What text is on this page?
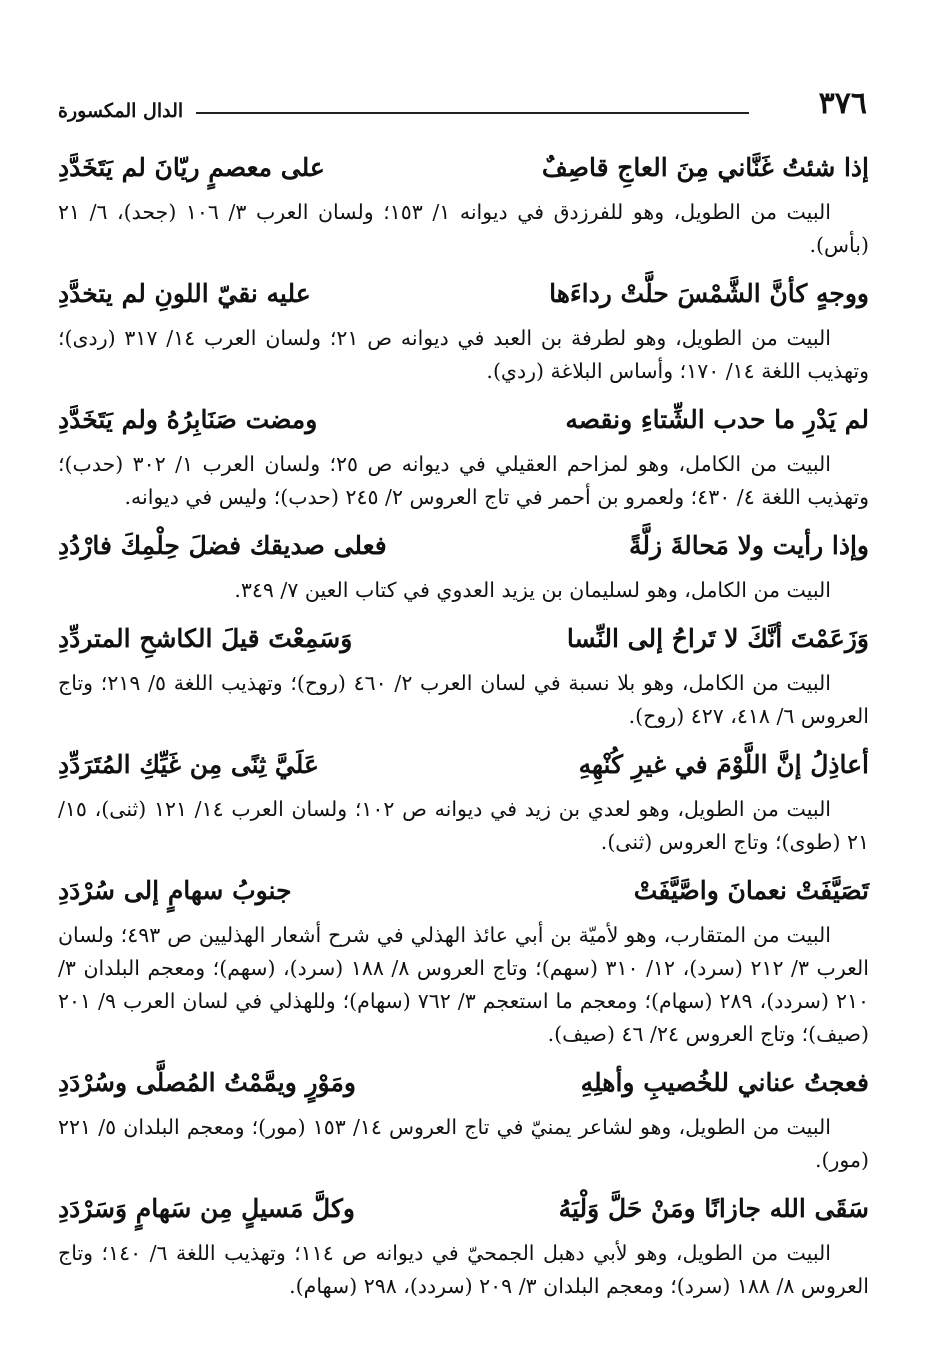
٣٧٦
الدال المكسورة
إذا شئتُ غَنَّاني مِنَ العاجِ قاصِفٌ
على معصمٍ ريّانَ لم يَتَخَدَّدِ

البيت من الطويل، وهو للفرزدق في ديوانه ١/ ١٥٣؛ ولسان العرب ٣/ ١٠٦ (جحد)، ٦/ ٢١ (بأس).

ووجهٍ كأنَّ الشَّمْسَ حلَّتْ رداءَها
عليه نقيّ اللونِ لم يتخدَّدِ

البيت من الطويل، وهو لطرفة بن العبد في ديوانه ص ٢١؛ ولسان العرب ١٤/ ٣١٧ (ردى)؛ وتهذيب اللغة ١٤/ ١٧٠؛ وأساس البلاغة (ردي).

لم يَدْرِ ما حدب الشِّتاءِ ونقصه
ومضت صَنَابِرُهُ ولم يَتَخَدَّدِ

البيت من الكامل، وهو لمزاحم العقيلي في ديوانه ص ٢٥؛ ولسان العرب ١/ ٣٠٢ (حدب)؛ وتهذيب اللغة ٤/ ٤٣٠؛ ولعمرو بن أحمر في تاج العروس ٢/ ٢٤٥ (حدب)؛ وليس في ديوانه.

وإذا رأيت ولا مَحالةَ زلَّةً
فعلى صديقك فضلَ حِلْمِكَ فارْدُدِ

البيت من الكامل، وهو لسليمان بن يزيد العدوي في كتاب العين ٧/ ٣٤٩.

وَزَعَمْتَ أنَّكَ لا تَراحُ إلى النِّسا
وَسَمِعْتَ قيلَ الكاشحِ المتردِّدِ

البيت من الكامل، وهو بلا نسبة في لسان العرب ٢/ ٤٦٠ (روح)؛ وتهذيب اللغة ٥/ ٢١٩؛ وتاج العروس ٦/ ٤١٨، ٤٢٧ (روح).

أعاذِلُ إنَّ اللَّوْمَ في غيرِ كُنْهِهِ
عَلَيَّ ثِنًى مِن غَيِّكِ المُتَرَدِّدِ

البيت من الطويل، وهو لعدي بن زيد في ديوانه ص ١٠٢؛ ولسان العرب ١٤/ ١٢١ (ثنى)، ١٥/ ٢١ (طوى)؛ وتاج العروس (ثنى).

تَصَيَّفَتْ نعمانَ واصَّيَّفَتْ
جنوبُ سهامٍ إلى سُرْدَدِ

البيت من المتقارب، وهو لأميّة بن أبي عائذ الهذلي في شرح أشعار الهذليين ص ٤٩٣؛ ولسان العرب ٣/ ٢١٢ (سرد)، ١٢/ ٣١٠ (سهم)؛ وتاج العروس ٨/ ١٨٨ (سرد)، (سهم)؛ ومعجم البلدان ٣/ ٢١٠ (سردد)، ٢٨٩ (سهام)؛ ومعجم ما استعجم ٣/ ٧٦٢ (سهام)؛ وللهذلي في لسان العرب ٩/ ٢٠١ (صيف)؛ وتاج العروس ٢٤/ ٤٦ (صيف).

فعجتُ عناني للخُصيبِ وأهلِهِ
ومَوْرٍ ويمَّمْتُ المُصلَّى وسُرْدَدِ

البيت من الطويل، وهو لشاعر يمنيّ في تاج العروس ١٤/ ١٥٣ (مور)؛ ومعجم البلدان ٥/ ٢٢١ (مور).

سَقَى الله جازانًا ومَنْ حَلَّ وَلْيَهُ
وكلَّ مَسيلٍ مِن سَهامٍ وَسَرْدَدِ

البيت من الطويل، وهو لأبي دهبل الجمحيّ في ديوانه ص ١١٤؛ وتهذيب اللغة ٦/ ١٤٠؛ وتاج العروس ٨/ ١٨٨ (سرد)؛ ومعجم البلدان ٣/ ٢٠٩ (سردد)، ٢٩٨ (سهام).
